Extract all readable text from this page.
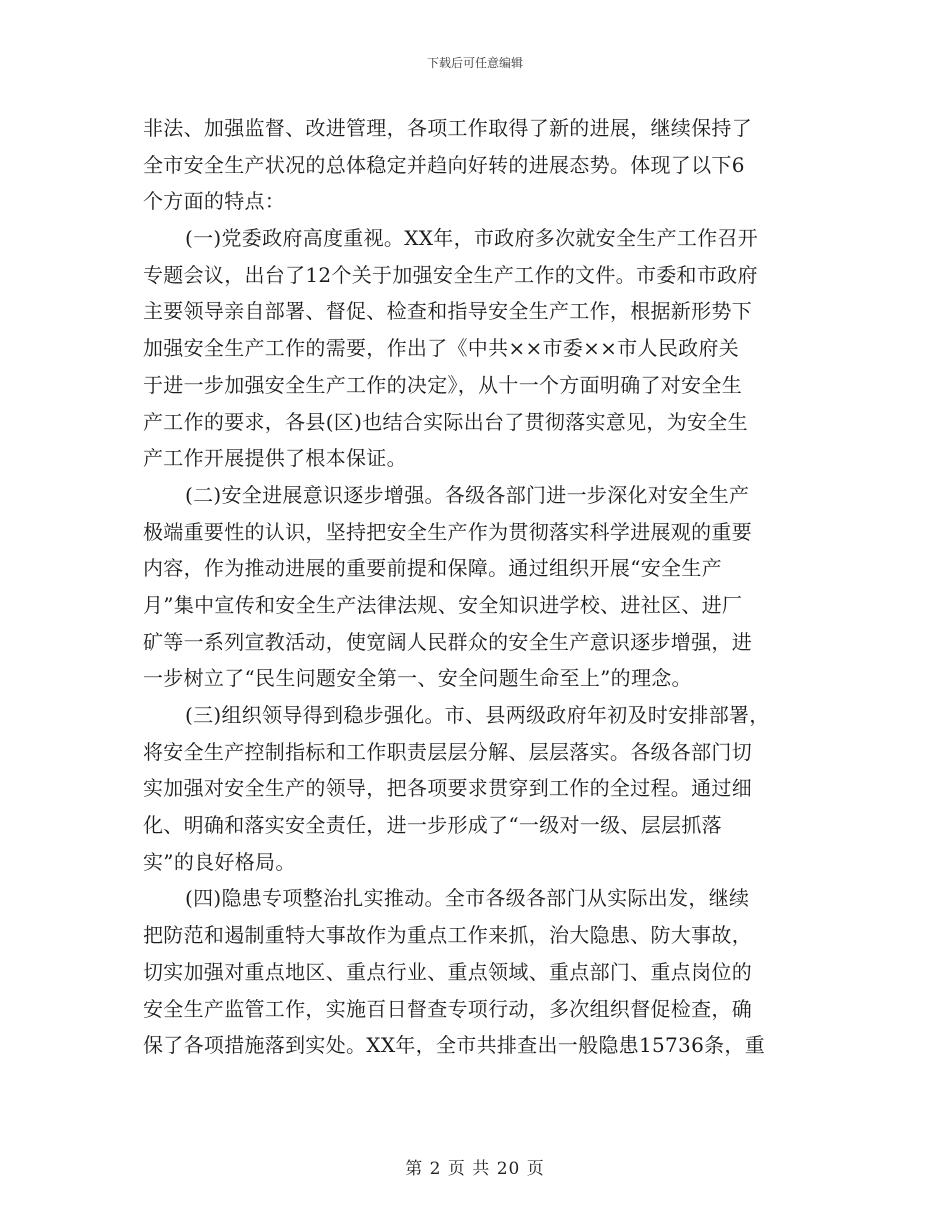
下载后可任意编辑
非法、加强监督、改进管理，各项工作取得了新的进展，继续保持了
全市安全生产状况的总体稳定并趋向好转的进展态势。体现了以下6
个方面的特点：
(一)党委政府高度重视。XX年，市政府多次就安全生产工作召开
专题会议，出台了12个关于加强安全生产工作的文件。市委和市政府
主要领导亲自部署、督促、检查和指导安全生产工作，根据新形势下
加强安全生产工作的需要，作出了《中共××市委××市人民政府关
于进一步加强安全生产工作的决定》，从十一个方面明确了对安全生
产工作的要求，各县(区)也结合实际出台了贯彻落实意见，为安全生
产工作开展提供了根本保证。
(二)安全进展意识逐步增强。各级各部门进一步深化对安全生产
极端重要性的认识，坚持把安全生产作为贯彻落实科学进展观的重要
内容，作为推动进展的重要前提和保障。通过组织开展“安全生产
月”集中宣传和安全生产法律法规、安全知识进学校、进社区、进厂
矿等一系列宣教活动，使宽阔人民群众的安全生产意识逐步增强，进
一步树立了“民生问题安全第一、安全问题生命至上”的理念。
(三)组织领导得到稳步强化。市、县两级政府年初及时安排部署，
将安全生产控制指标和工作职责层层分解、层层落实。各级各部门切
实加强对安全生产的领导，把各项要求贯穿到工作的全过程。通过细
化、明确和落实安全责任，进一步形成了“一级对一级、层层抓落
实”的良好格局。
(四)隐患专项整治扎实推动。全市各级各部门从实际出发，继续
把防范和遏制重特大事故作为重点工作来抓，治大隐患、防大事故，
切实加强对重点地区、重点行业、重点领域、重点部门、重点岗位的
安全生产监管工作，实施百日督查专项行动，多次组织督促检查，确
保了各项措施落到实处。XX年，全市共排查出一般隐患15736条，重
第 2 页 共 20 页
